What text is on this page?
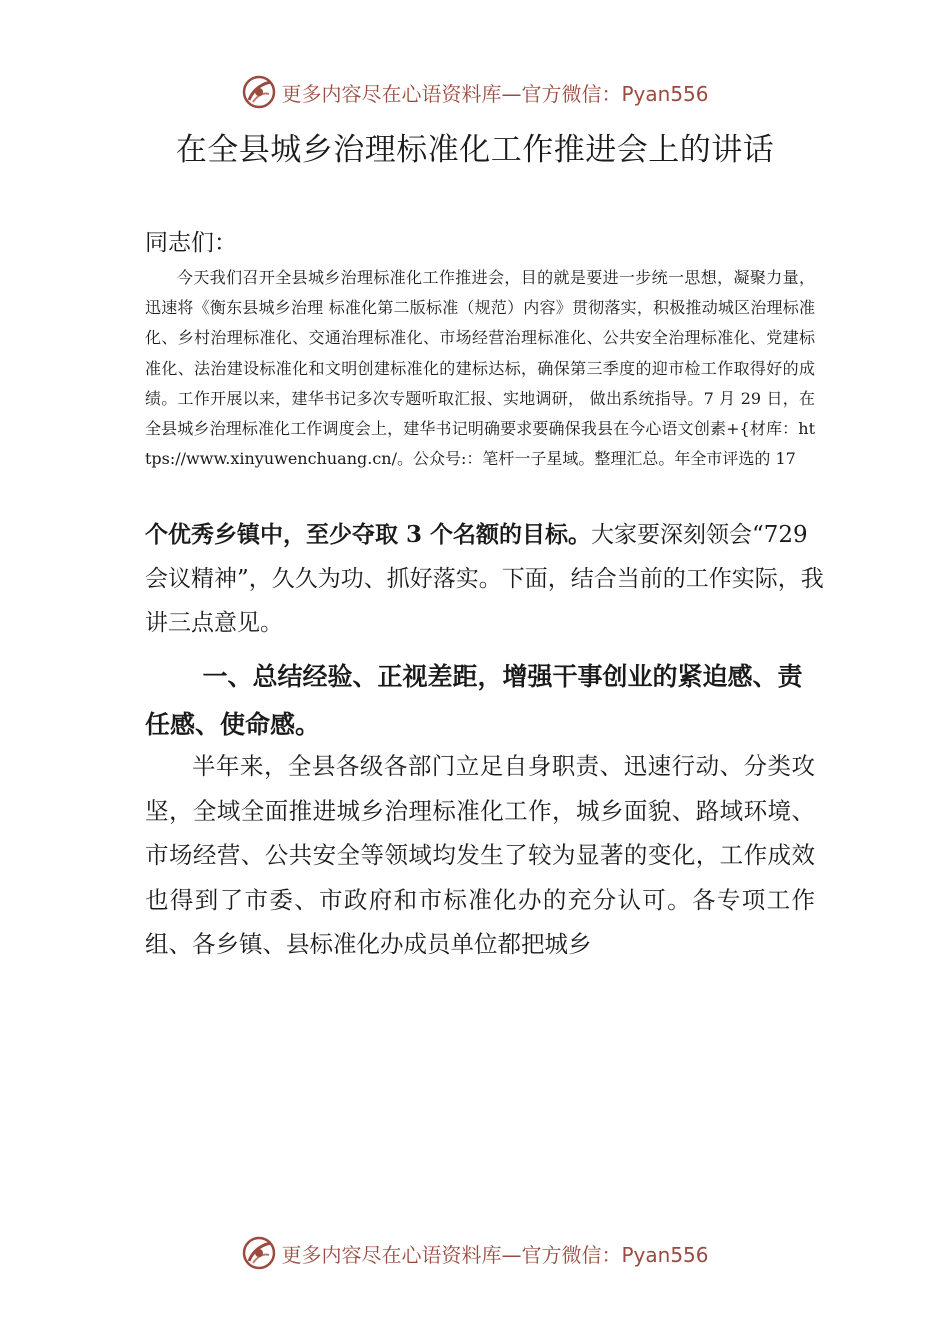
更多内容尽在心语资料库—官方微信：Pyan556
在全县城乡治理标准化工作推进会上的讲话
同志们：

今天我们召开全县城乡治理标准化工作推进会，目的就是要进一步统一思想，凝聚力量，迅速将《衡东县城乡治理 标准化第二版标准（规范）内容》贯彻落实，积极推动城区治理标准化、乡村治理标准化、交通治理标准化、市场经营治理标准化、公共安全治理标准化、党建标准化、法治建设标准化和文明创建标准化的建标达标，确保第三季度的迎市检工作取得好的成绩。工作开展以来，建华书记多次专题听取汇报、实地调研， 做出系统指导。7 月 29 日，在全县城乡治理标准化工作调度会上，建华书记明确要求要确保我县在今心语文创素+{材库：https://www.xinyuwenchuang.cn/。公众号:：笔杆一子星域。整理汇总。年全市评选的 17

个优秀乡镇中，至少夺取 3 个名额的目标。大家要深刻领会“729 会议精神”，久久为功、抓好落实。下面，结合当前的工作实际，我讲三点意见。

一、总结经验、正视差距，增强干事创业的紧迫感、责任感、使命感。

半年来，全县各级各部门立足自身职责、迅速行动、分类攻坚，全域全面推进城乡治理标准化工作，城乡面貌、路域环境、市场经营、公共安全等领域均发生了较为显著的变化，工作成效也得到了市委、市政府和市标准化办的充分认可。各专项工作组、各乡镇、县标准化办成员单位都把城乡

更多内容尽在心语资料库—官方微信：Pyan556
